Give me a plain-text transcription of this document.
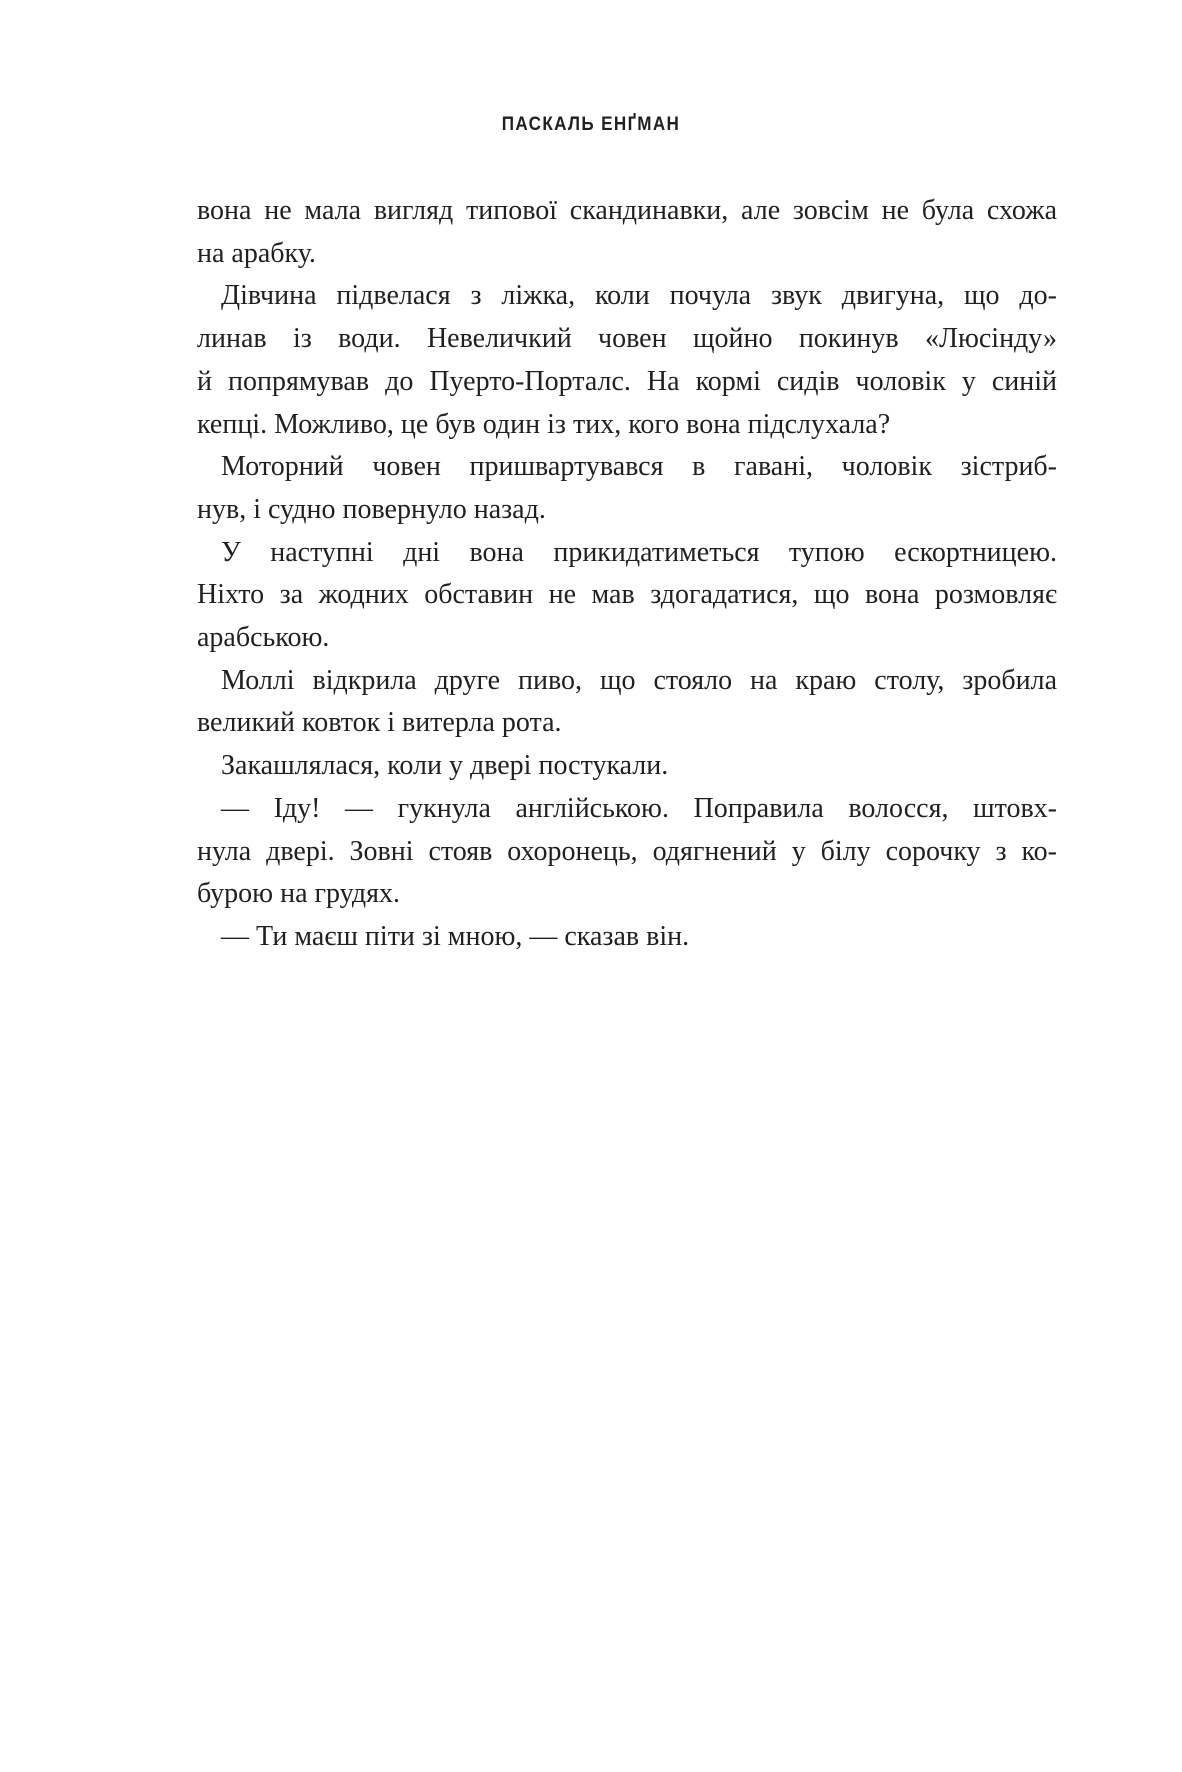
ПАСКАЛЬ ЕНҐМАН

вона не мала вигляд типової скандинавки, але зовсім не була схожа
на арабку.

Дівчина підвелася з ліжка, коли почула звук двигуна, що до-
линав із води. Невеличкий човен щойно покинув «Люсінду»
й попрямував до Пуерто-Порталс. На кормі сидів чоловік у синій
кепці. Можливо, це був один із тих, кого вона підслухала?

Моторний човен пришвартувався в гавані, чоловік зістриб-
нув, і судно повернуло назад.

У наступні дні вона прикидатиметься тупою ескортницею.
Ніхто за жодних обставин не мав здогадатися, що вона розмовляє
арабською.

Моллі відкрила друге пиво, що стояло на краю столу, зробила
великий ковток і витерла рота.

Закашлялася, коли у двері постукали.

— Іду! — гукнула англійською. Поправила волосся, штовх-
нула двері. Зовні стояв охоронець, одягнений у білу сорочку з ко-
бурою на грудях.

— Ти маєш піти зі мною, — сказав він.
